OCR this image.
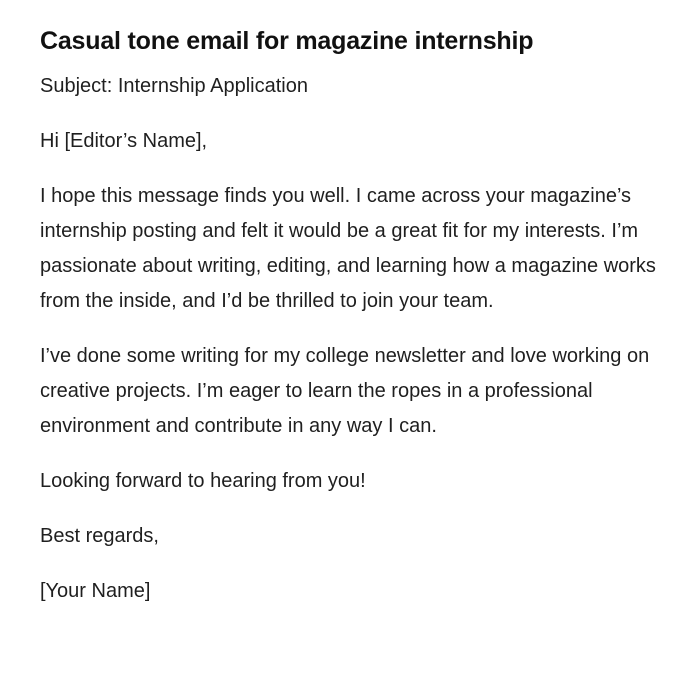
Casual tone email for magazine internship

Subject: Internship Application

Hi [Editor’s Name],

I hope this message finds you well. I came across your magazine’s internship posting and felt it would be a great fit for my interests. I’m passionate about writing, editing, and learning how a magazine works from the inside, and I’d be thrilled to join your team.

I’ve done some writing for my college newsletter and love working on creative projects. I’m eager to learn the ropes in a professional environment and contribute in any way I can.

Looking forward to hearing from you!

Best regards,

[Your Name]
